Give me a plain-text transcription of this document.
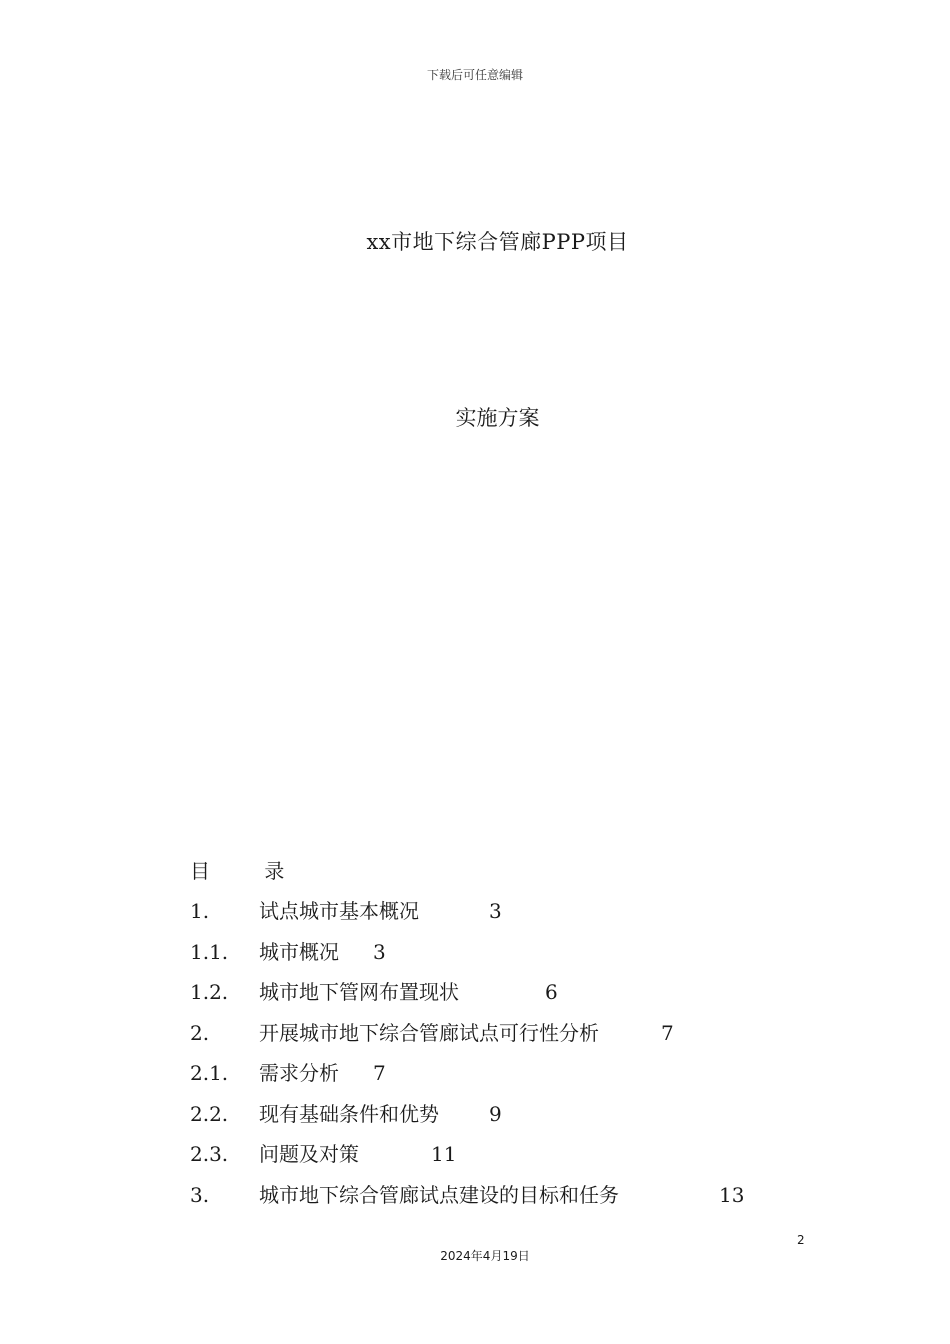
下载后可任意编辑
xx市地下综合管廊PPP项目
实施方案
目 录
1. 试点城市基本概况	3
1.1. 城市概况 3
1.2. 城市地下管网布置现状	6
2. 开展城市地下综合管廊试点可行性分析	7
2.1. 需求分析 7
2.2. 现有基础条件和优势	9
2.3. 问题及对策	11
3. 城市地下综合管廊试点建设的目标和任务	13
2
2024年4月19日
